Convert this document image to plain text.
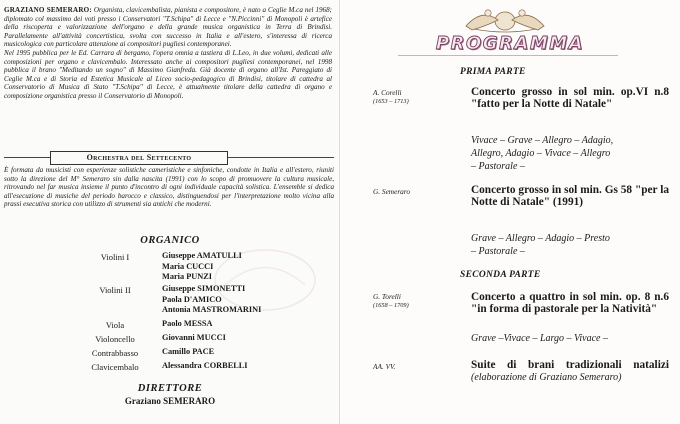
GRAZIANO SEMERARO: Organista, clavicembalista, pianista e compositore, è nato a Ceglie M.ca nel 1968; diplomato col massimo dei voti presso i Conservatori "T.Schipa" di Lecce e "N.Piccinni" di Monopoli è artefice della riscoperta e valorizzazione dell'organo e della grande musica organistica in Terra di Brindisi. Parallelamente all'attività concertistica, svolta con successo in Italia e all'estero, s'interessa di ricerca musicologica con particolare attenzione ai compositori pugliesi contemporanei.

Nel 1995 pubblica per le Ed. Carrara di bergamo, l'opera omnia a tastiera di L.Leo, in due volumi, dedicati alle composizioni per organo e clavicembalo. Interessato anche ai compositori pugliesi contemporanei, nel 1998 pubblica il brano "Meditando un sogno" di Massimo Gianfreda. Già docente di organo all'Ist. Pareggiato di Ceglie M.ca e di Storia ed Estetica Musicale al Liceo socio-pedagogico di Brindisi, titolare di cattedra al Conservatorio di Musica di Stato "T.Schipa" di Lecce, è attualmente titolare della cattedra di organo e composizione organistica presso il Conservatorio di Monopoli.

Orchestra del Settecento

È formata da musicisti con esperienze solistiche cameristiche e sinfoniche, condotte in Italia e all'estero, riuniti sotto la direzione del M° Semeraro sin dalla nascita (1991) con lo scopo di promuovere la cultura musicale, ritrovando nel far musica insieme il punto d'incontro di ogni individuale capacità solistica. L'ensemble si dedica all'esecuzione di musiche del periodo barocco e classico, distinguendosi per l'interpretazione molto vicina alla prassi esecutiva storica con utilizzo di strumenti sia antichi che moderni.

ORGANICO
Violini I	Giuseppe AMATULLI
Maria CUCCI
Maria PUNZI
Violini II	Giuseppe SIMONETTI
Paola D'AMICO
Antonia MASTROMARINI
Viola	Paolo MESSA
Violoncello	Giovanni MUCCI
Contrabbasso	Camillo PACE
Clavicembalo	Alessandra CORBELLI
DIRETTORE
Graziano SEMERARO
PROGRAMMA
PRIMA PARTE
A. Corelli
(1653 – 1713)
Concerto grosso in sol min. op.VI n.8 "fatto per la Notte di Natale"
Vivace – Grave – Allegro – Adagio,
Allegro, Adagio – Vivace – Allegro
– Pastorale –
G. Semeraro	Concerto grosso in sol min. Gs 58 "per la Notte di Natale" (1991)
Grave – Allegro – Adagio – Presto
– Pastorale –
SECONDA PARTE
G. Torelli
(1658 – 1709)
Concerto a quattro in sol min. op. 8 n.6 "in forma di pastorale per la Natività"
Grave –Vivace – Largo – Vivace –
AA. VV.	Suite di brani tradizionali natalizi (elaborazione di Graziano Semeraro)
